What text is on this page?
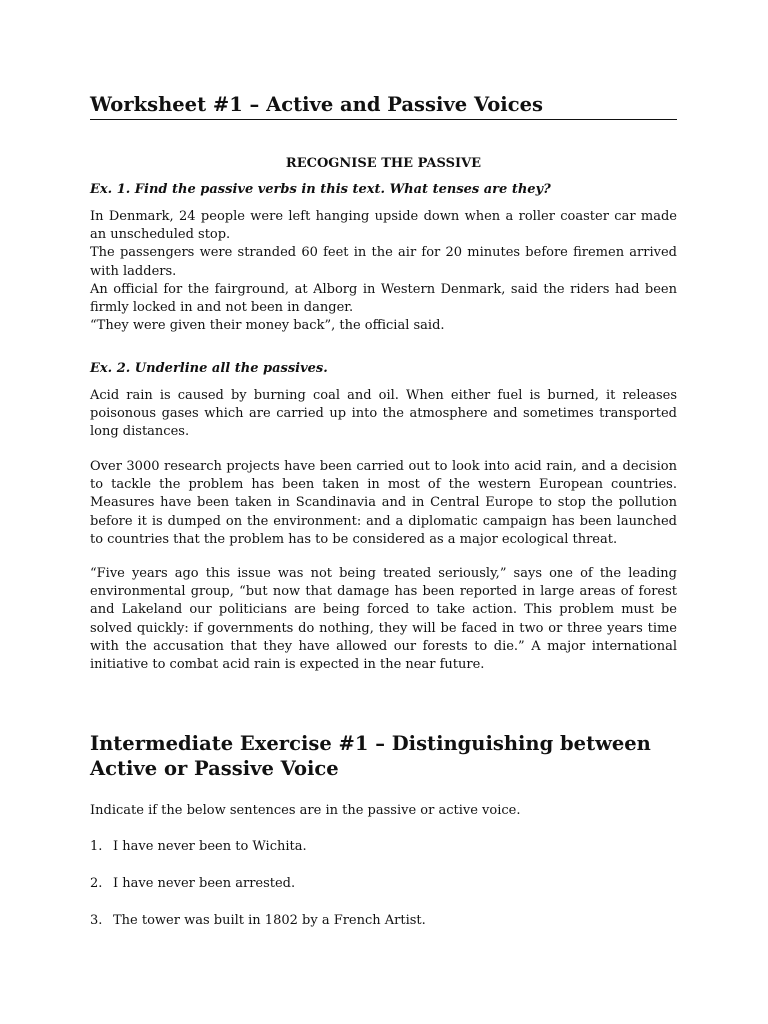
Worksheet #1 – Active and Passive Voices
RECOGNISE THE PASSIVE
Ex. 1. Find the passive verbs in this text. What tenses are they?

In Denmark, 24 people were left hanging upside down when a roller coaster car made an unscheduled stop.

The passengers were stranded 60 feet in the air for 20 minutes before firemen arrived with ladders.

An official for the fairground, at Alborg in Western Denmark, said the riders had been firmly locked in and not been in danger.

“They were given their money back”, the official said.

Ex. 2. Underline all the passives.

Acid rain is caused by burning coal and oil. When either fuel is burned, it releases poisonous gases which are carried up into the atmosphere and sometimes transported long distances.

Over 3000 research projects have been carried out to look into acid rain, and a decision to tackle the problem has been taken in most of the western European countries. Measures have been taken in Scandinavia and in Central Europe to stop the pollution before it is dumped on the environment: and a diplomatic campaign has been launched to countries that the problem has to be considered as a major ecological threat.

“Five years ago this issue was not being treated seriously,” says one of the leading environmental group, “but now that damage has been reported in large areas of forest and Lakeland our politicians are being forced to take action. This problem must be solved quickly: if governments do nothing, they will be faced in two or three years time with the accusation that they have allowed our forests to die.” A major international initiative to combat acid rain is expected in the near future.

Intermediate Exercise #1 – Distinguishing between Active or Passive Voice

Indicate if the below sentences are in the passive or active voice.

1. I have never been to Wichita.
2. I have never been arrested.
3. The tower was built in 1802 by a French Artist.
